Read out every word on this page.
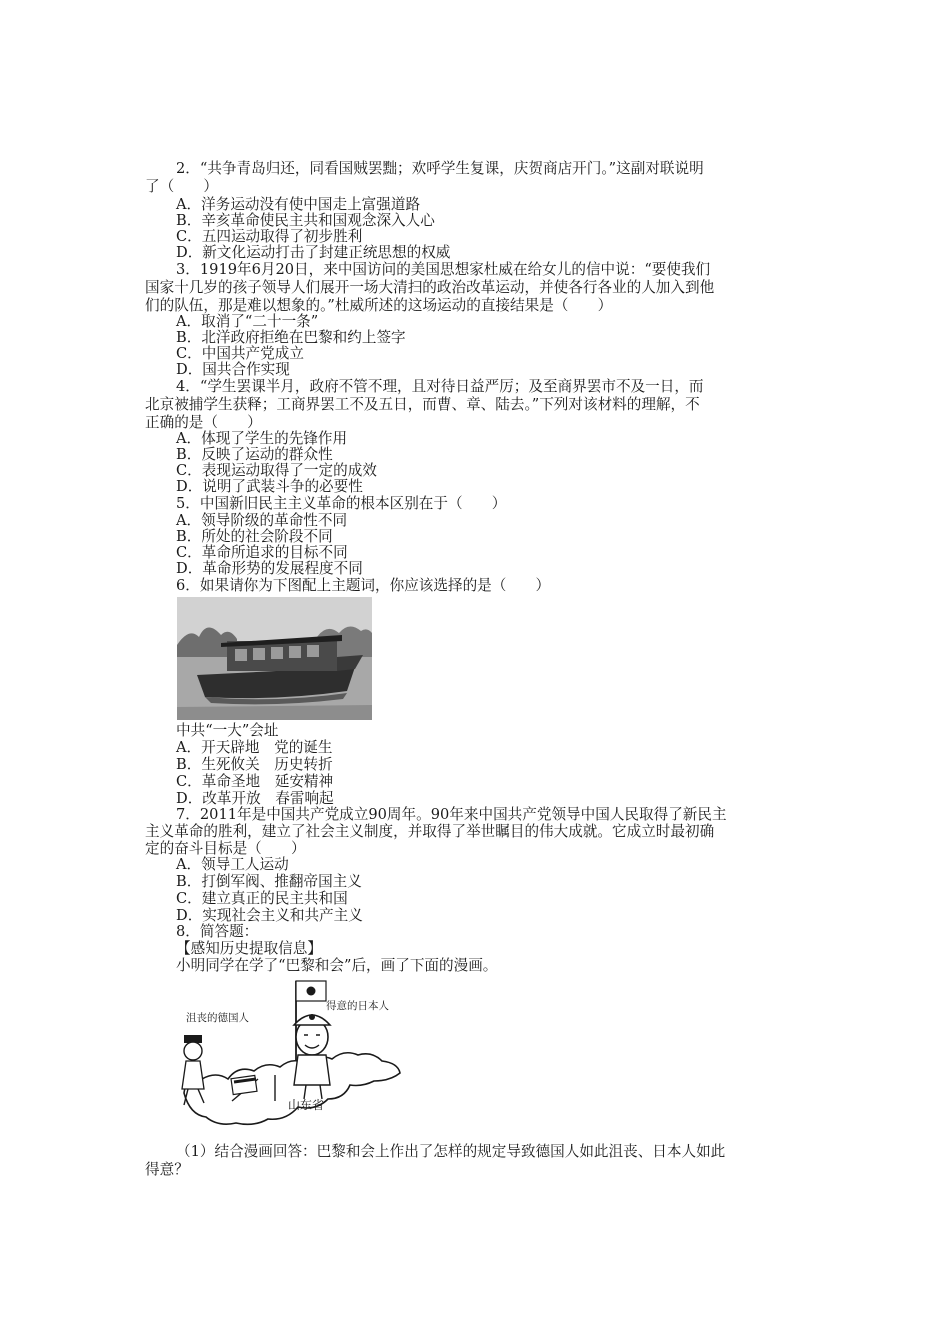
2．“共争青岛归还，同看国贼罢黜；欢呼学生复课，庆贺商店开门。”这副对联说明
了（　　）
A．洋务运动没有使中国走上富强道路
B．辛亥革命使民主共和国观念深入人心
C．五四运动取得了初步胜利
D．新文化运动打击了封建正统思想的权威
3．1919年6月20日，来中国访问的美国思想家杜威在给女儿的信中说：“要使我们
国家十几岁的孩子领导人们展开一场大清扫的政治改革运动，并使各行各业的人加入到他
们的队伍，那是难以想象的。”杜威所述的这场运动的直接结果是（　　）
A．取消了“二十一条”
B．北洋政府拒绝在巴黎和约上签字
C．中国共产党成立
D．国共合作实现
4．“学生罢课半月，政府不管不理，且对待日益严厉；及至商界罢市不及一日，而
北京被捕学生获释；工商界罢工不及五日，而曹、章、陆去。”下列对该材料的理解，不
正确的是（　　）
A．体现了学生的先锋作用
B．反映了运动的群众性
C．表现运动取得了一定的成效
D．说明了武装斗争的必要性
5．中国新旧民主主义革命的根本区别在于（　　）
A．领导阶级的革命性不同
B．所处的社会阶段不同
C．革命所追求的目标不同
D．革命形势的发展程度不同
6．如果请你为下图配上主题词，你应该选择的是（　　）
中共“一大”会址
A．开天辟地　党的诞生
B．生死攸关　历史转折
C．革命圣地　延安精神
D．改革开放　春雷响起
7．2011年是中国共产党成立90周年。90年来中国共产党领导中国人民取得了新民主
主义革命的胜利，建立了社会主义制度，并取得了举世瞩目的伟大成就。它成立时最初确
定的奋斗目标是（　　）
A．领导工人运动
B．打倒军阀、推翻帝国主义
C．建立真正的民主共和国
D．实现社会主义和共产主义
8．简答题：
【感知历史提取信息】
小明同学在学了“巴黎和会”后，画了下面的漫画。
沮丧的德国人
得意的日本人
山东省
（1）结合漫画回答：巴黎和会上作出了怎样的规定导致德国人如此沮丧、日本人如此
得意？
